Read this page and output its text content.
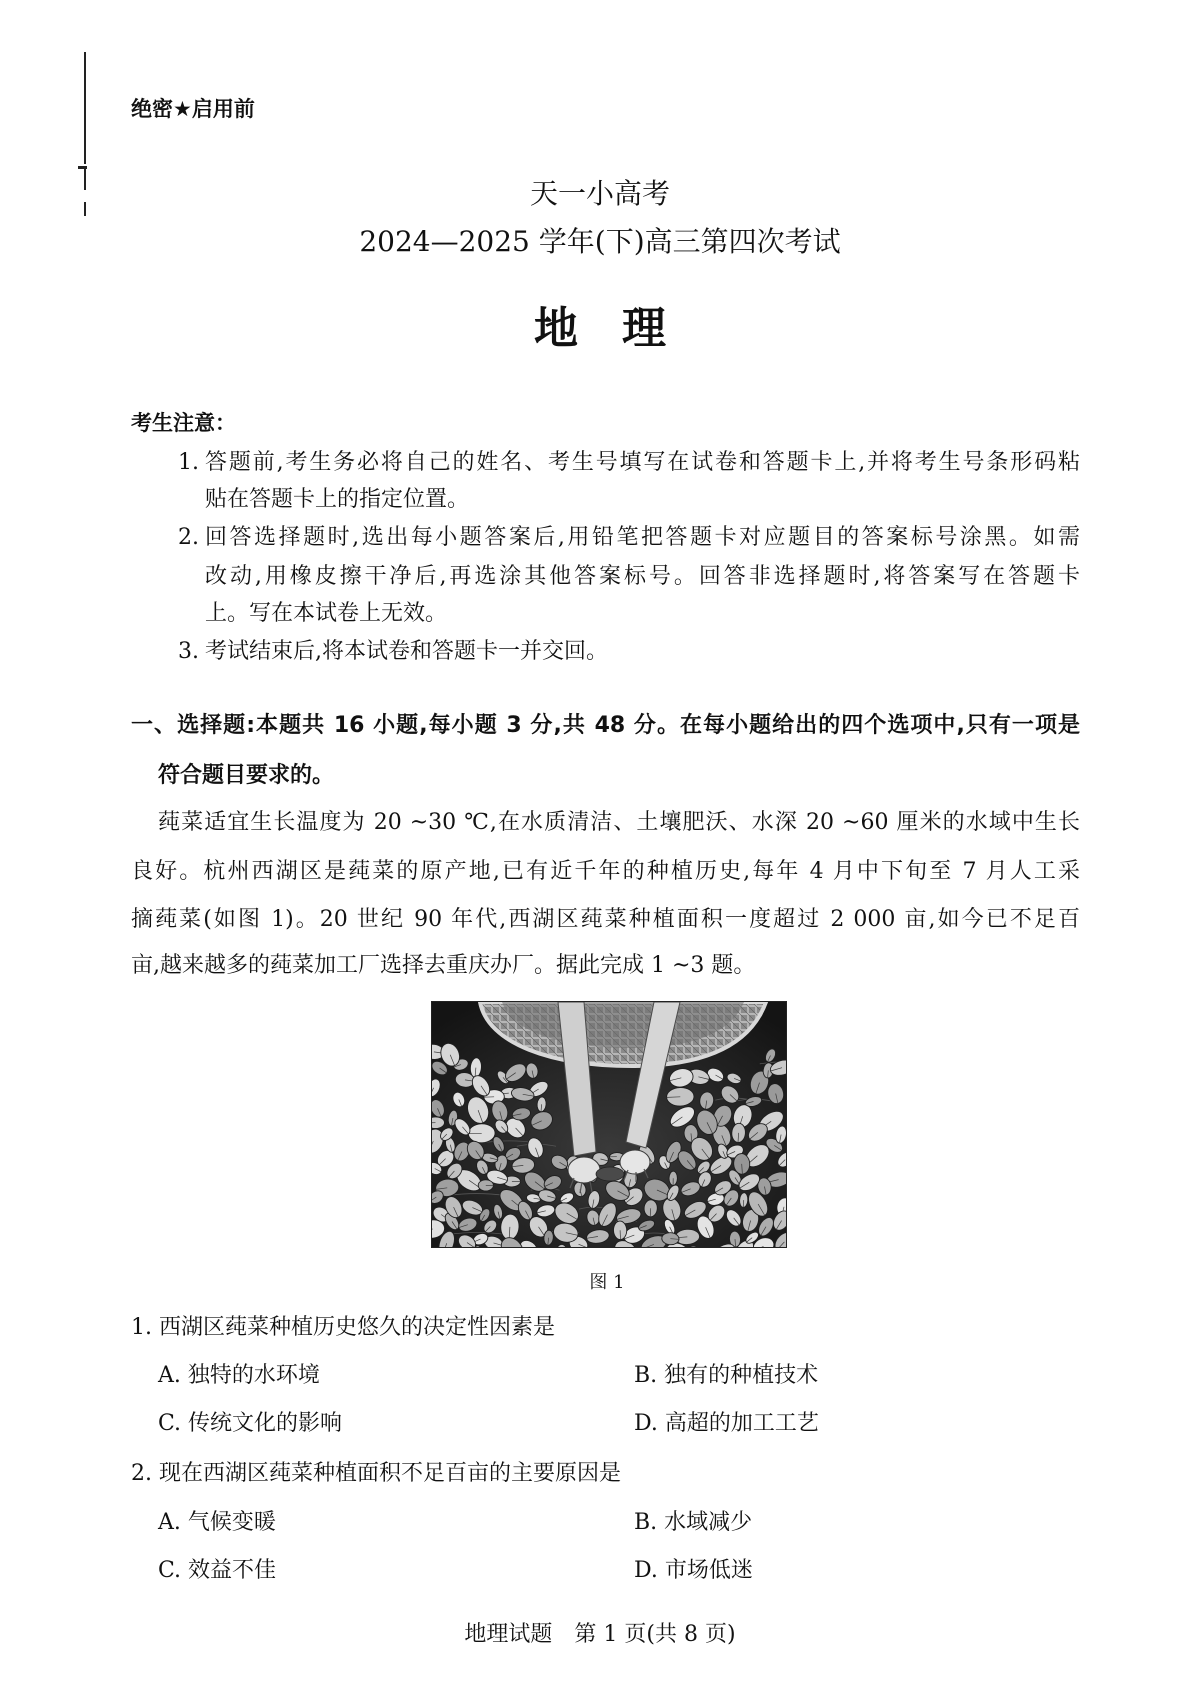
绝密★启用前
天一小高考
2024—2025 学年(下)高三第四次考试
地　理
考生注意：
1. 答题前,考生务必将自己的姓名、考生号填写在试卷和答题卡上,并将考生号条形码粘
贴在答题卡上的指定位置。
2. 回答选择题时,选出每小题答案后,用铅笔把答题卡对应题目的答案标号涂黑。如需
改动,用橡皮擦干净后,再选涂其他答案标号。回答非选择题时,将答案写在答题卡
上。写在本试卷上无效。
3. 考试结束后,将本试卷和答题卡一并交回。
一、选择题:本题共 16 小题,每小题 3 分,共 48 分。在每小题给出的四个选项中,只有一项是
符合题目要求的。
莼菜适宜生长温度为 20 ~30 ℃,在水质清洁、土壤肥沃、水深 20 ~60 厘米的水域中生长
良好。杭州西湖区是莼菜的原产地,已有近千年的种植历史,每年 4 月中下旬至 7 月人工采
摘莼菜(如图 1)。20 世纪 90 年代,西湖区莼菜种植面积一度超过 2 000 亩,如今已不足百
亩,越来越多的莼菜加工厂选择去重庆办厂。据此完成 1 ~3 题。
图 1
1. 西湖区莼菜种植历史悠久的决定性因素是
A. 独特的水环境	B. 独有的种植技术
C. 传统文化的影响	D. 高超的加工工艺
2. 现在西湖区莼菜种植面积不足百亩的主要原因是
A. 气候变暖	B. 水域减少
C. 效益不佳	D. 市场低迷
地理试题　第 1 页(共 8 页)
